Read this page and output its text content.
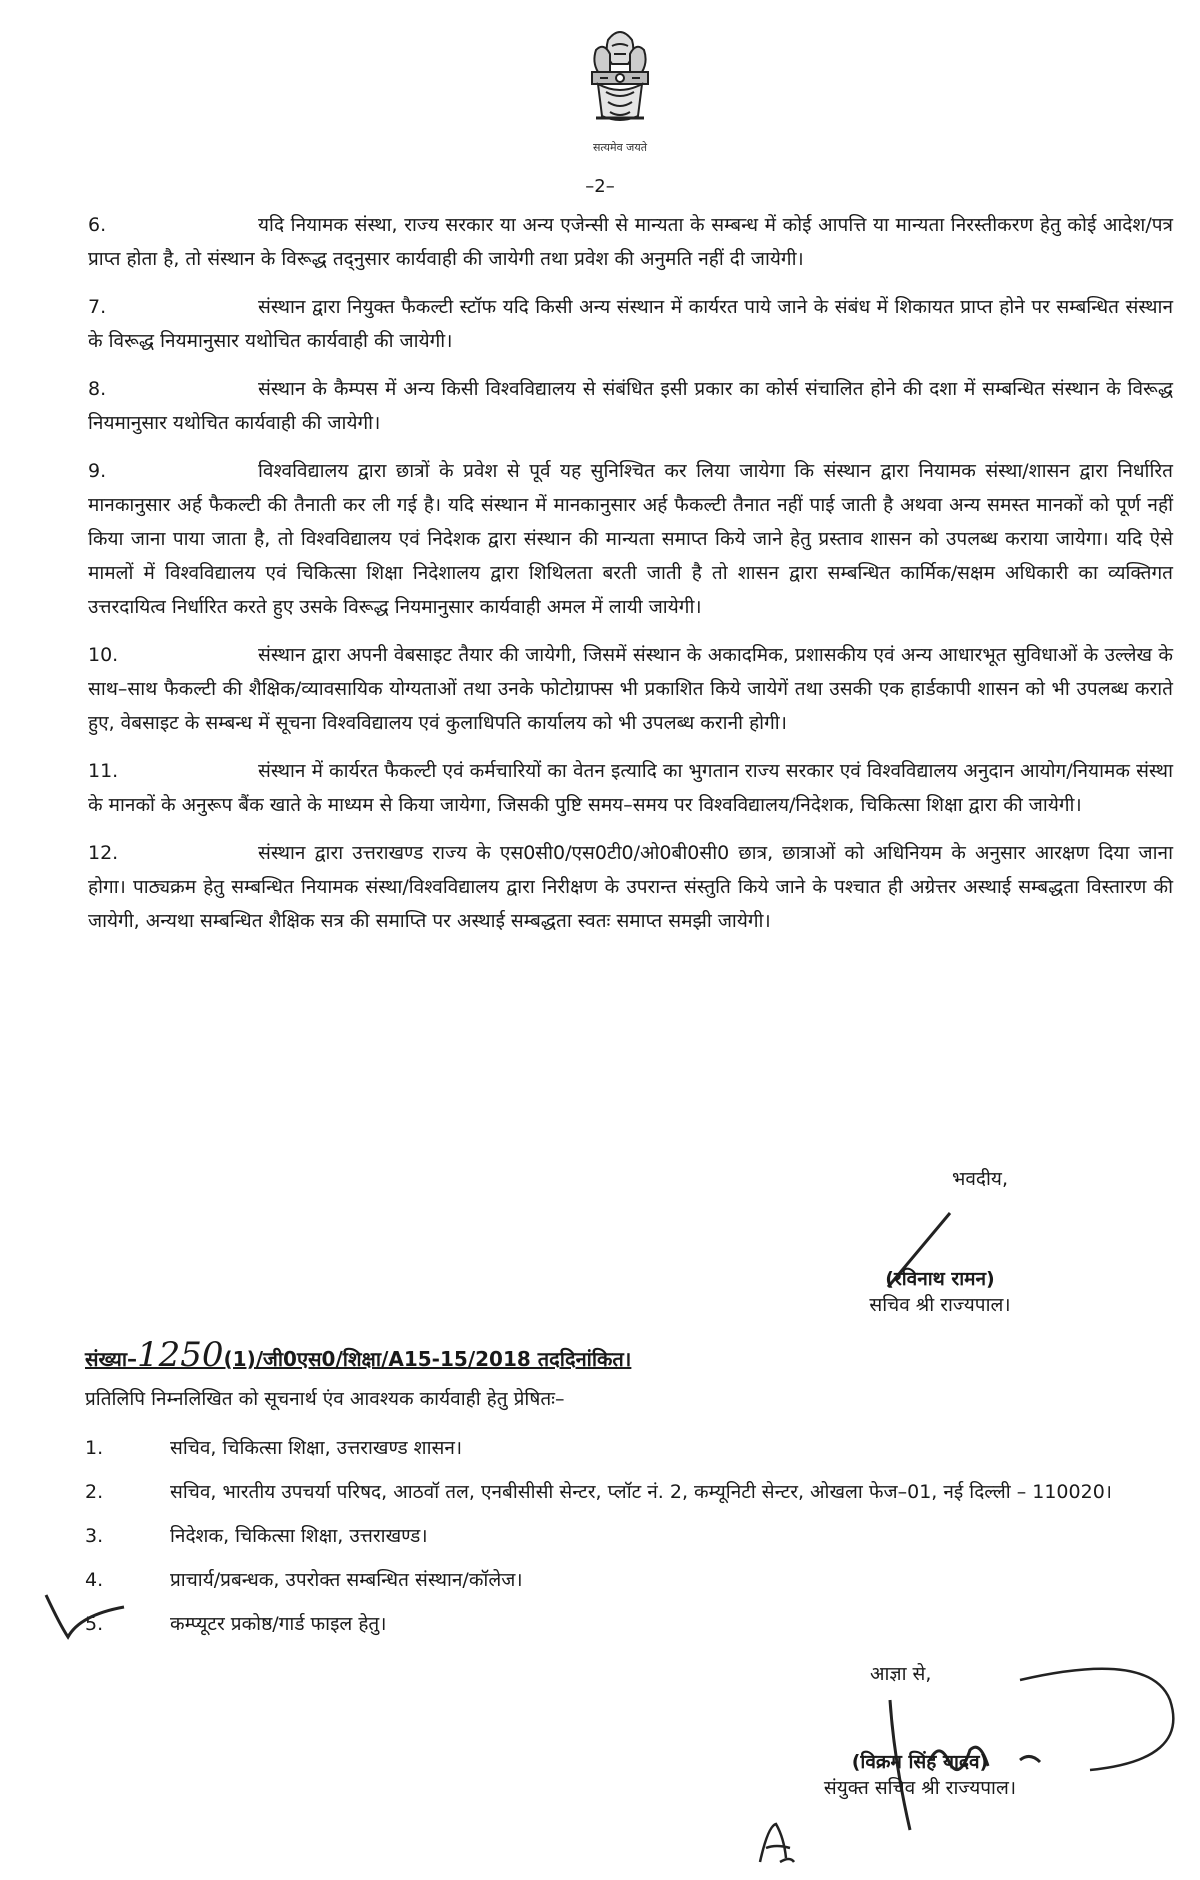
सत्यमेव जयते
–2–

6.	यदि नियामक संस्था, राज्य सरकार या अन्य एजेन्सी से मान्यता के सम्बन्ध में कोई आपत्ति या मान्यता निरस्तीकरण हेतु कोई आदेश/पत्र प्राप्त होता है, तो संस्थान के विरूद्ध तद्नुसार कार्यवाही की जायेगी तथा प्रवेश की अनुमति नहीं दी जायेगी।

7.	संस्थान द्वारा नियुक्त फैकल्टी स्टॉफ यदि किसी अन्य संस्थान में कार्यरत पाये जाने के संबंध में शिकायत प्राप्त होने पर सम्बन्धित संस्थान के विरूद्ध नियमानुसार यथोचित कार्यवाही की जायेगी।

8.	संस्थान के कैम्पस में अन्य किसी विश्वविद्यालय से संबंधित इसी प्रकार का कोर्स संचालित होने की दशा में सम्बन्धित संस्थान के विरूद्ध नियमानुसार यथोचित कार्यवाही की जायेगी।

9.	विश्वविद्यालय द्वारा छात्रों के प्रवेश से पूर्व यह सुनिश्चित कर लिया जायेगा कि संस्थान द्वारा नियामक संस्था/शासन द्वारा निर्धारित मानकानुसार अर्ह फैकल्टी की तैनाती कर ली गई है। यदि संस्थान में मानकानुसार अर्ह फैकल्टी तैनात नहीं पाई जाती है अथवा अन्य समस्त मानकों को पूर्ण नहीं किया जाना पाया जाता है, तो विश्वविद्यालय एवं निदेशक द्वारा संस्थान की मान्यता समाप्त किये जाने हेतु प्रस्ताव शासन को उपलब्ध कराया जायेगा। यदि ऐसे मामलों में विश्वविद्यालय एवं चिकित्सा शिक्षा निदेशालय द्वारा शिथिलता बरती जाती है तो शासन द्वारा सम्बन्धित कार्मिक/सक्षम अधिकारी का व्यक्तिगत उत्तरदायित्व निर्धारित करते हुए उसके विरूद्ध नियमानुसार कार्यवाही अमल में लायी जायेगी।

10.	संस्थान द्वारा अपनी वेबसाइट तैयार की जायेगी, जिसमें संस्थान के अकादमिक, प्रशासकीय एवं अन्य आधारभूत सुविधाओं के उल्लेख के साथ–साथ फैकल्टी की शैक्षिक/व्यावसायिक योग्यताओं तथा उनके फोटोग्राफ्स भी प्रकाशित किये जायेगें तथा उसकी एक हार्डकापी शासन को भी उपलब्ध कराते हुए, वेबसाइट के सम्बन्ध में सूचना विश्वविद्यालय एवं कुलाधिपति कार्यालय को भी उपलब्ध करानी होगी।

11.	संस्थान में कार्यरत फैकल्टी एवं कर्मचारियों का वेतन इत्यादि का भुगतान राज्य सरकार एवं विश्वविद्यालय अनुदान आयोग/नियामक संस्था के मानकों के अनुरूप बैंक खाते के माध्यम से किया जायेगा, जिसकी पुष्टि समय–समय पर विश्वविद्यालय/निदेशक, चिकित्सा शिक्षा द्वारा की जायेगी।

12.	संस्थान द्वारा उत्तराखण्ड राज्य के एस0सी0/एस0टी0/ओ0बी0सी0 छात्र, छात्राओं को अधिनियम के अनुसार आरक्षण दिया जाना होगा। पाठ्यक्रम हेतु सम्बन्धित नियामक संस्था/विश्वविद्यालय द्वारा निरीक्षण के उपरान्त संस्तुति किये जाने के पश्चात ही अग्रेत्तर अस्थाई सम्बद्धता विस्तारण की जायेगी, अन्यथा सम्बन्धित शैक्षिक सत्र की समाप्ति पर अस्थाई सम्बद्धता स्वतः समाप्त समझी जायेगी।

भवदीय,
(रविनाथ रामन)
सचिव श्री राज्यपाल।
संख्या–1250(1)/जी0एस0/शिक्षा/A15-15/2018 तददिनांकित।
प्रतिलिपि निम्नलिखित को सूचनार्थ एंव आवश्यक कार्यवाही हेतु प्रेषितः–
1.	सचिव, चिकित्सा शिक्षा, उत्तराखण्ड शासन।
2.	सचिव, भारतीय उपचर्या परिषद, आठवॉ तल, एनबीसीसी सेन्टर, प्लॉट नं. 2, कम्यूनिटी सेन्टर, ओखला फेज–01, नई दिल्ली – 110020।
3.	निदेशक, चिकित्सा शिक्षा, उत्तराखण्ड।
4.	प्राचार्य/प्रबन्धक, उपरोक्त सम्बन्धित संस्थान/कॉलेज।
5.	कम्प्यूटर प्रकोष्ठ/गार्ड फाइल हेतु।
आज्ञा से,
(विक्रम सिंह यादव)
संयुक्त सचिव श्री राज्यपाल।
